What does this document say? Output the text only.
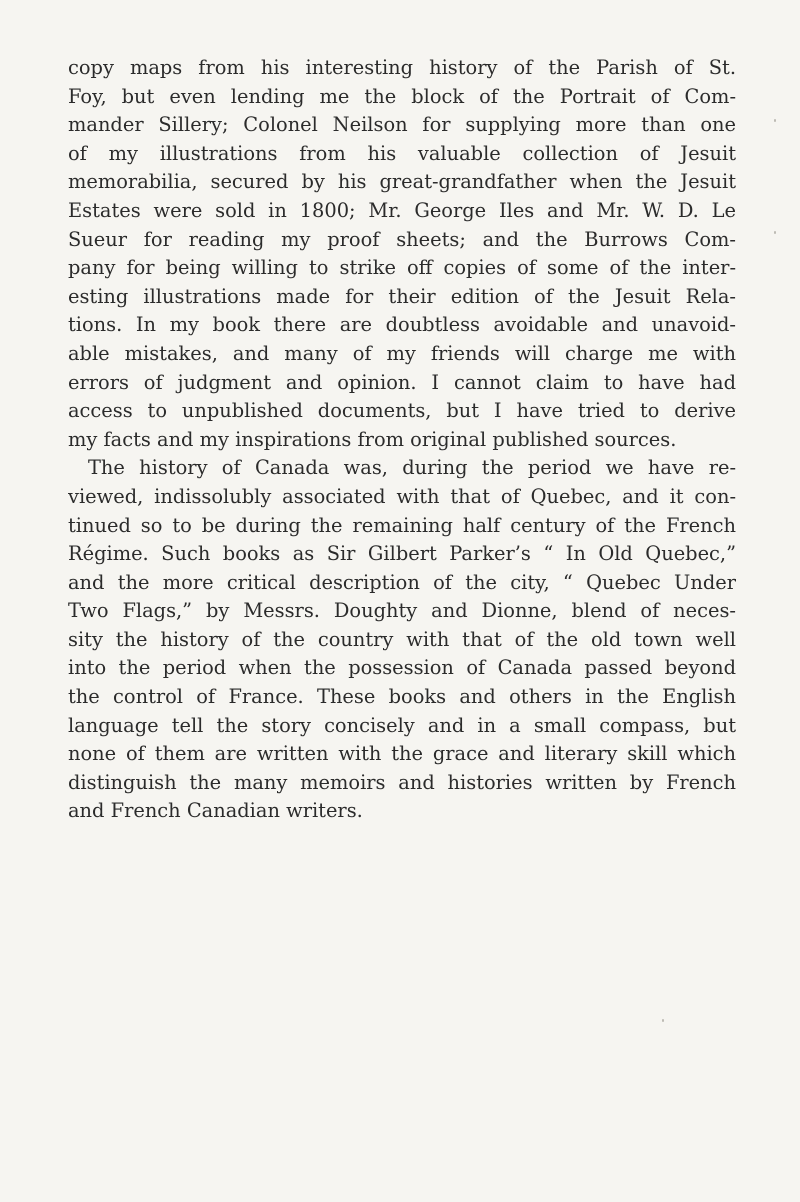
copy maps from his interesting history of the Parish of St.
Foy, but even lending me the block of the Portrait of Com-
mander Sillery; Colonel Neilson for supplying more than one
of my illustrations from his valuable collection of Jesuit
memorabilia, secured by his great-grandfather when the Jesuit
Estates were sold in 1800; Mr. George Iles and Mr. W. D. Le
Sueur for reading my proof sheets; and the Burrows Com-
pany for being willing to strike off copies of some of the inter-
esting illustrations made for their edition of the Jesuit Rela-
tions. In my book there are doubtless avoidable and unavoid-
able mistakes, and many of my friends will charge me with
errors of judgment and opinion. I cannot claim to have had
access to unpublished documents, but I have tried to derive
my facts and my inspirations from original published sources.
The history of Canada was, during the period we have re-
viewed, indissolubly associated with that of Quebec, and it con-
tinued so to be during the remaining half century of the French
Régime. Such books as Sir Gilbert Parker’s “ In Old Quebec,”
and the more critical description of the city, “ Quebec Under
Two Flags,” by Messrs. Doughty and Dionne, blend of neces-
sity the history of the country with that of the old town well
into the period when the possession of Canada passed beyond
the control of France. These books and others in the English
language tell the story concisely and in a small compass, but
none of them are written with the grace and literary skill which
distinguish the many memoirs and histories written by French
and French Canadian writers.
